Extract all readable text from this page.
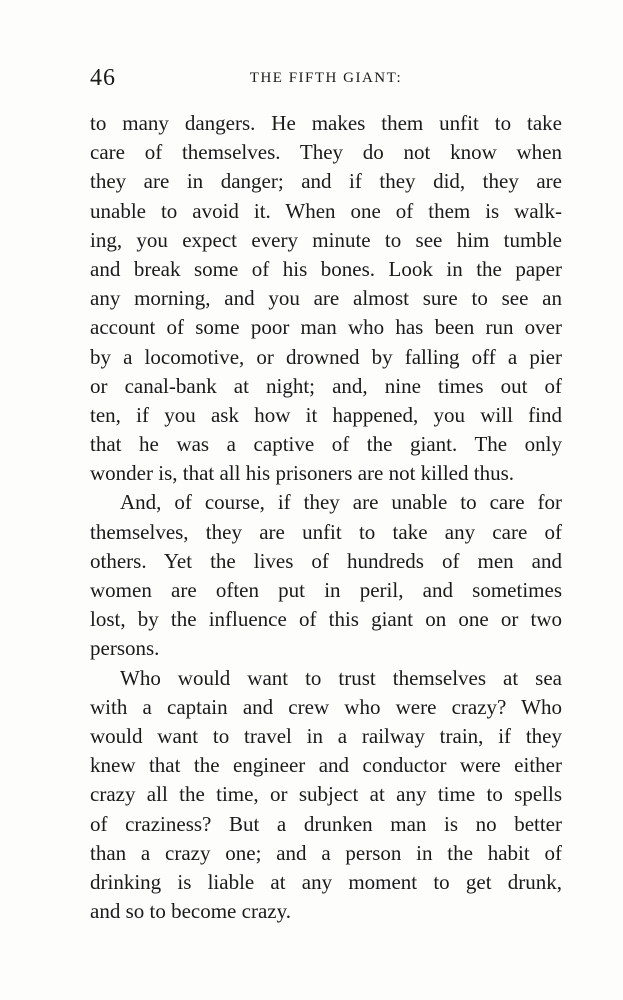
46	THE FIFTH GIANT:
to many dangers. He makes them unfit to take
care of themselves. They do not know when
they are in danger; and if they did, they are
unable to avoid it. When one of them is walk-
ing, you expect every minute to see him tumble
and break some of his bones. Look in the paper
any morning, and you are almost sure to see an
account of some poor man who has been run over
by a locomotive, or drowned by falling off a pier
or canal-bank at night; and, nine times out of
ten, if you ask how it happened, you will find
that he was a captive of the giant. The only
wonder is, that all his prisoners are not killed thus.
And, of course, if they are unable to care for
themselves, they are unfit to take any care of
others. Yet the lives of hundreds of men and
women are often put in peril, and sometimes
lost, by the influence of this giant on one or two
persons.
Who would want to trust themselves at sea
with a captain and crew who were crazy? Who
would want to travel in a railway train, if they
knew that the engineer and conductor were either
crazy all the time, or subject at any time to spells
of craziness? But a drunken man is no better
than a crazy one; and a person in the habit of
drinking is liable at any moment to get drunk,
and so to become crazy.
